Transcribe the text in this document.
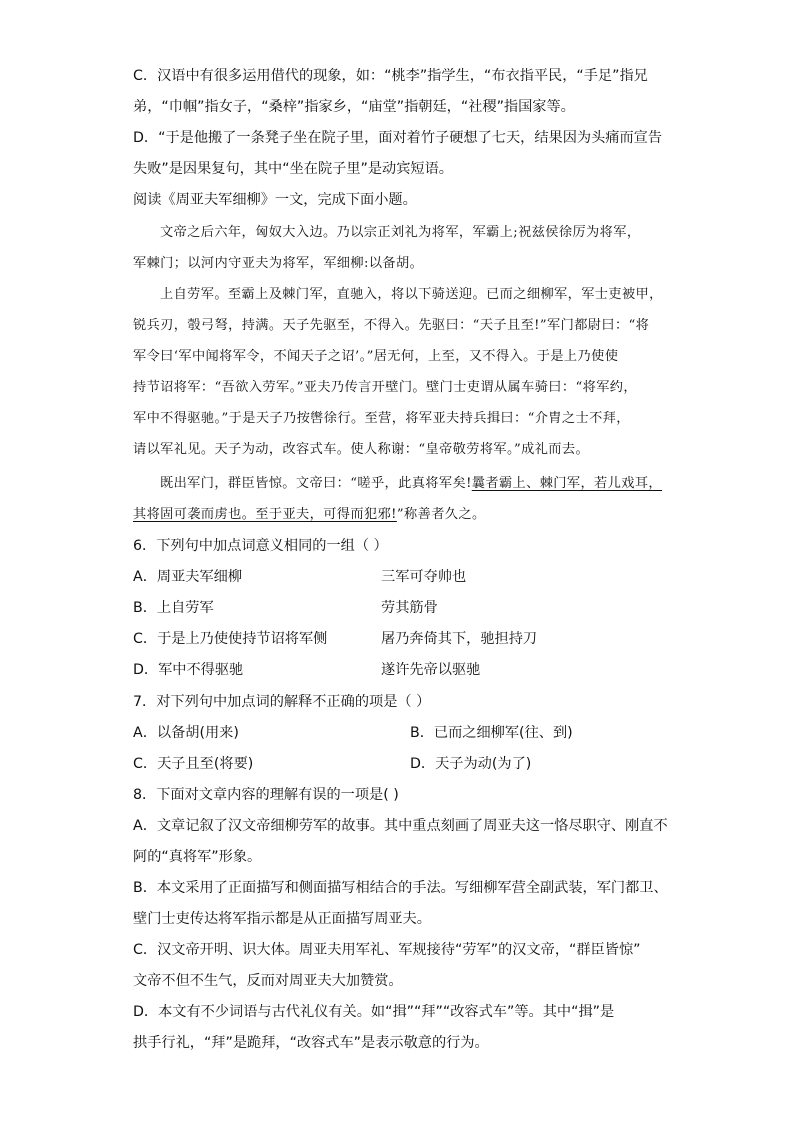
C．汉语中有很多运用借代的现象，如：“桃李”指学生，“布衣指平民，“手足”指兄
弟，“巾帼”指女子，“桑梓”指家乡，“庙堂”指朝廷，“社稷”指国家等。
D．“于是他搬了一条凳子坐在院子里，面对着竹子硬想了七天，结果因为头痛而宣告
失败”是因果复句，其中“坐在院子里”是动宾短语。
阅读《周亚夫军细柳》一文，完成下面小题。
文帝之后六年，匈奴大入边。乃以宗正刘礼为将军，军霸上;祝兹侯徐厉为将军，
军棘门；以河内守亚夫为将军，军细柳:以备胡。
上自劳军。至霸上及棘门军，直驰入，将以下骑送迎。已而之细柳军，军士吏被甲，
锐兵刃，彀弓弩，持满。天子先驱至，不得入。先驱曰：“天子且至!”军门都尉曰：“将
军令曰‘军中闻将军令，不闻天子之诏’。”居无何，上至，又不得入。于是上乃使使
持节诏将军：“吾欲入劳军。”亚夫乃传言开壁门。壁门士吏谓从属车骑曰：“将军约，
军中不得驱驰。”于是天子乃按辔徐行。至营，将军亚夫持兵揖曰：“介胄之士不拜，
请以军礼见。天子为动，改容式车。使人称谢：“皇帝敬劳将军。”成礼而去。
既出军门，群臣皆惊。文帝曰：“嗟乎，此真将军矣!曩者霸上、棘门军，若儿戏耳，
其将固可袭而虏也。至于亚夫，可得而犯邪!”称善者久之。
6．下列句中加点词意义相同的一组（ ）
A．周亚夫军细柳	三军可夺帅也
B．上自劳军	劳其筋骨
C．于是上乃使使持节诏将军侧	屠乃奔倚其下，驰担持刀
D．军中不得驱驰	遂许先帝以驱驰
7．对下列句中加点词的解释不正确的项是（ ）
A．以备胡(用来)	B．已而之细柳军(往、到)
C．天子且至(将要)	D．天子为动(为了)
8．下面对文章内容的理解有误的一项是( )
A．文章记叙了汉文帝细柳劳军的故事。其中重点刻画了周亚夫这一恪尽职守、刚直不
阿的“真将军”形象。
B．本文采用了正面描写和侧面描写相结合的手法。写细柳军营全副武装，军门都卫、
壁门士吏传达将军指示都是从正面描写周亚夫。
C．汉文帝开明、识大体。周亚夫用军礼、军规接待“劳军”的汉文帝，“群臣皆惊”
文帝不但不生气，反而对周亚夫大加赞赏。
D．本文有不少词语与古代礼仪有关。如“揖”“拜”“改容式车”等。其中“揖”是
拱手行礼，“拜”是跪拜，“改容式车”是表示敬意的行为。
